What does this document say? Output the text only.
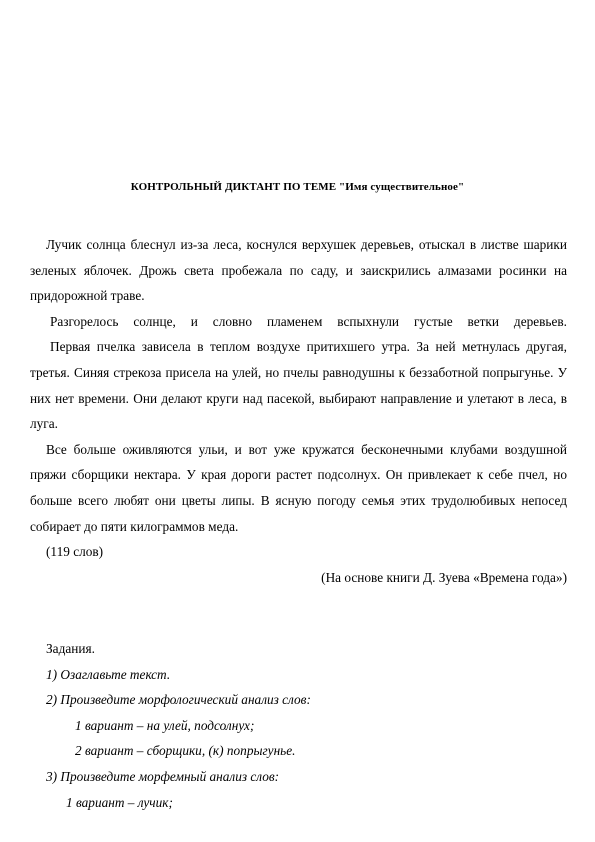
КОНТРОЛЬНЫЙ ДИКТАНТ ПО ТЕМЕ "Имя существительное"

Лучик солнца блеснул из-за леса, коснулся верхушек деревьев, отыскал в листве шарики зеленых яблочек. Дрожь света пробежала по саду, и заискрились алмазами росинки на придорожной траве.

Разгорелось солнце, и словно пламенем вспыхнули густые ветки деревьев.

Первая пчелка зависела в теплом воздухе притихшего утра. За ней метнулась другая, третья. Синяя стрекоза присела на улей, но пчелы равнодушны к беззаботной попрыгунье. У них нет времени. Они делают круги над пасекой, выбирают направление и улетают в леса, в луга.

Все больше оживляются ульи, и вот уже кружатся бесконечными клубами воздушной пряжи сборщики нектара. У края дороги растет подсолнух. Он привлекает к себе пчел, но больше всего любят они цветы липы. В ясную погоду семья этих трудолюбивых непосед собирает до пяти килограммов меда.

(119 слов)

(На основе книги Д. Зуева «Времена года»)

Задания.
1) Озаглавьте текст.
2) Произведите морфологический анализ слов:
1 вариант – на улей, подсолнух;
2 вариант – сборщики, (к) попрыгунье.
3) Произведите морфемный анализ слов:
1 вариант – лучик;
